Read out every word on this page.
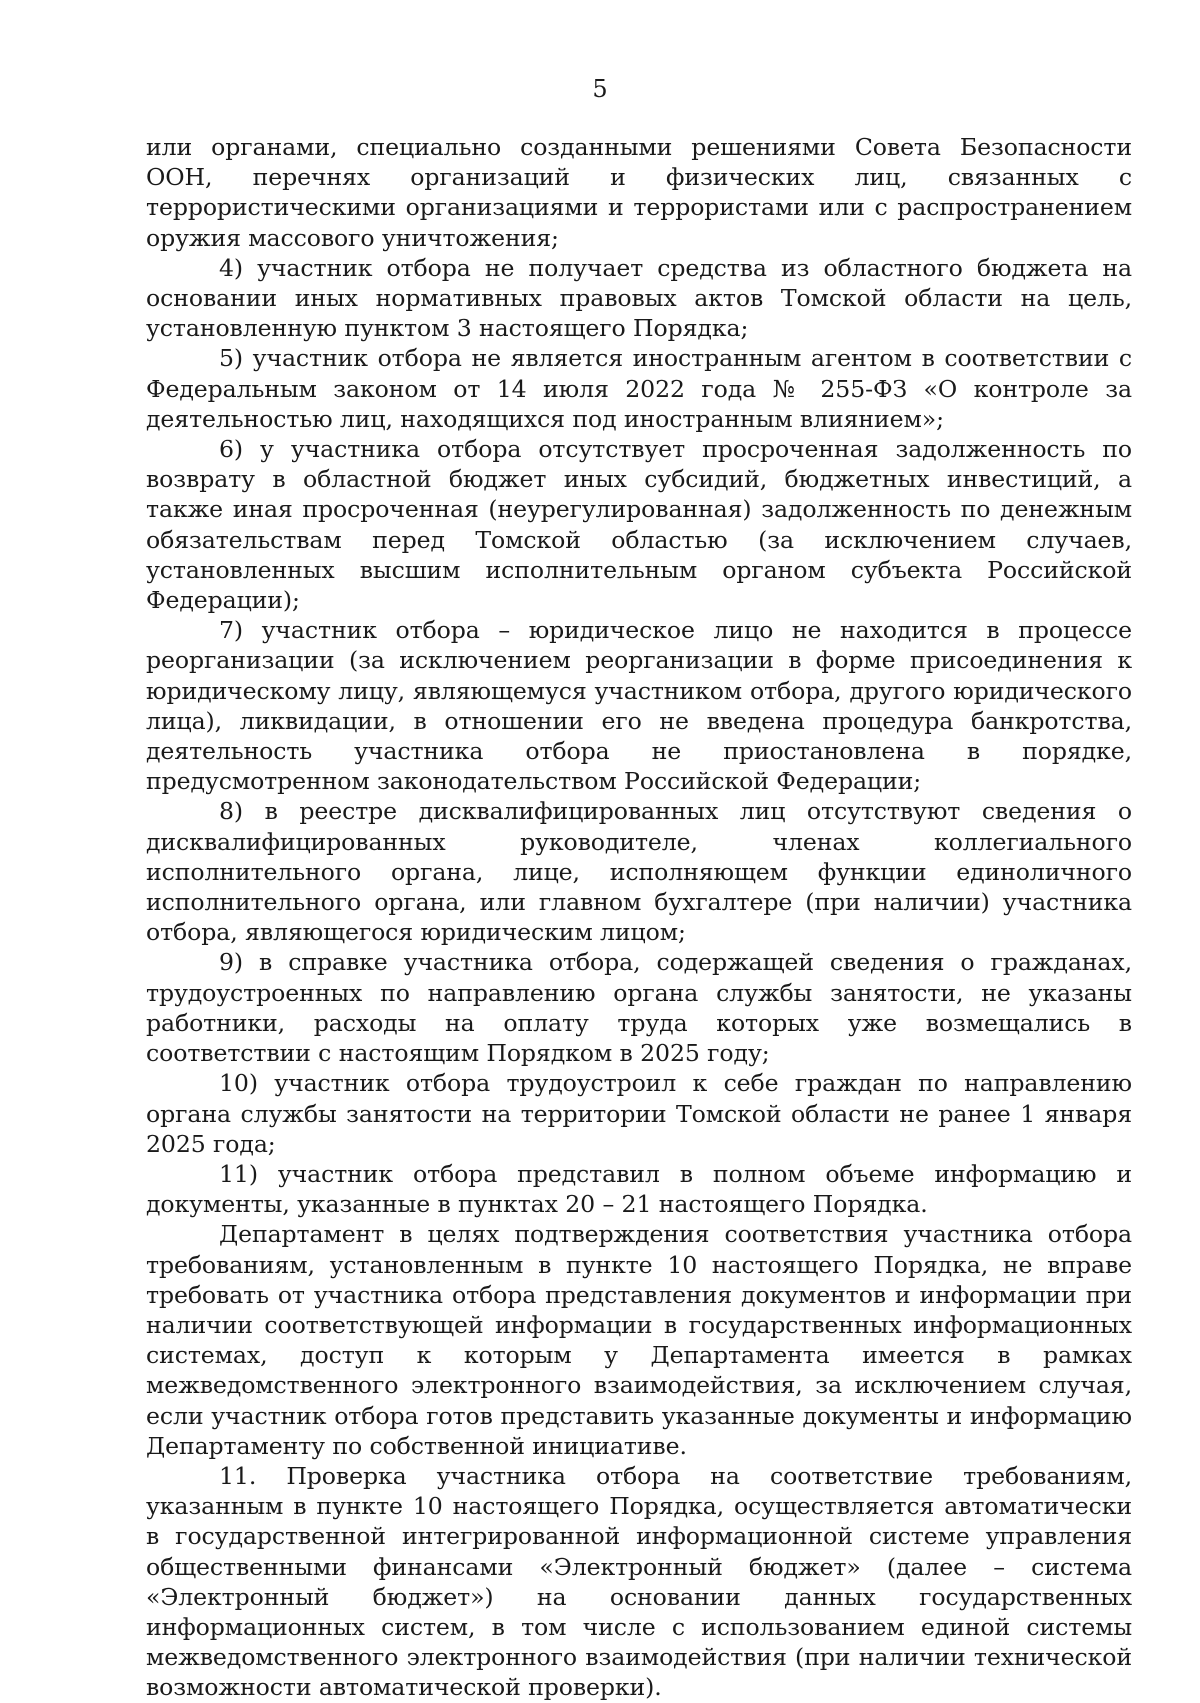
5

или органами, специально созданными решениями Совета Безопасности ООН, перечнях организаций и физических лиц, связанных с террористическими организациями и террористами или с распространением оружия массового уничтожения;

4) участник отбора не получает средства из областного бюджета на основании иных нормативных правовых актов Томской области на цель, установленную пунктом 3 настоящего Порядка;

5) участник отбора не является иностранным агентом в соответствии с Федеральным законом от 14 июля 2022 года № 255-ФЗ «О контроле за деятельностью лиц, находящихся под иностранным влиянием»;

6) у участника отбора отсутствует просроченная задолженность по возврату в областной бюджет иных субсидий, бюджетных инвестиций, а также иная просроченная (неурегулированная) задолженность по денежным обязательствам перед Томской областью (за исключением случаев, установленных высшим исполнительным органом субъекта Российской Федерации);

7) участник отбора – юридическое лицо не находится в процессе реорганизации (за исключением реорганизации в форме присоединения к юридическому лицу, являющемуся участником отбора, другого юридического лица), ликвидации, в отношении его не введена процедура банкротства, деятельность участника отбора не приостановлена в порядке, предусмотренном законодательством Российской Федерации;

8) в реестре дисквалифицированных лиц отсутствуют сведения о дисквалифицированных руководителе, членах коллегиального исполнительного органа, лице, исполняющем функции единоличного исполнительного органа, или главном бухгалтере (при наличии) участника отбора, являющегося юридическим лицом;

9) в справке участника отбора, содержащей сведения о гражданах, трудоустроенных по направлению органа службы занятости, не указаны работники, расходы на оплату труда которых уже возмещались в соответствии с настоящим Порядком в 2025 году;

10) участник отбора трудоустроил к себе граждан по направлению органа службы занятости на территории Томской области не ранее 1 января 2025 года;

11) участник отбора представил в полном объеме информацию и документы, указанные в пунктах 20 – 21 настоящего Порядка.

Департамент в целях подтверждения соответствия участника отбора требованиям, установленным в пункте 10 настоящего Порядка, не вправе требовать от участника отбора представления документов и информации при наличии соответствующей информации в государственных информационных системах, доступ к которым у Департамента имеется в рамках межведомственного электронного взаимодействия, за исключением случая, если участник отбора готов представить указанные документы и информацию Департаменту по собственной инициативе.

11. Проверка участника отбора на соответствие требованиям, указанным в пункте 10 настоящего Порядка, осуществляется автоматически в государственной интегрированной информационной системе управления общественными финансами «Электронный бюджет» (далее – система «Электронный бюджет») на основании данных государственных информационных систем, в том числе с использованием единой системы межведомственного электронного взаимодействия (при наличии технической возможности автоматической проверки).
